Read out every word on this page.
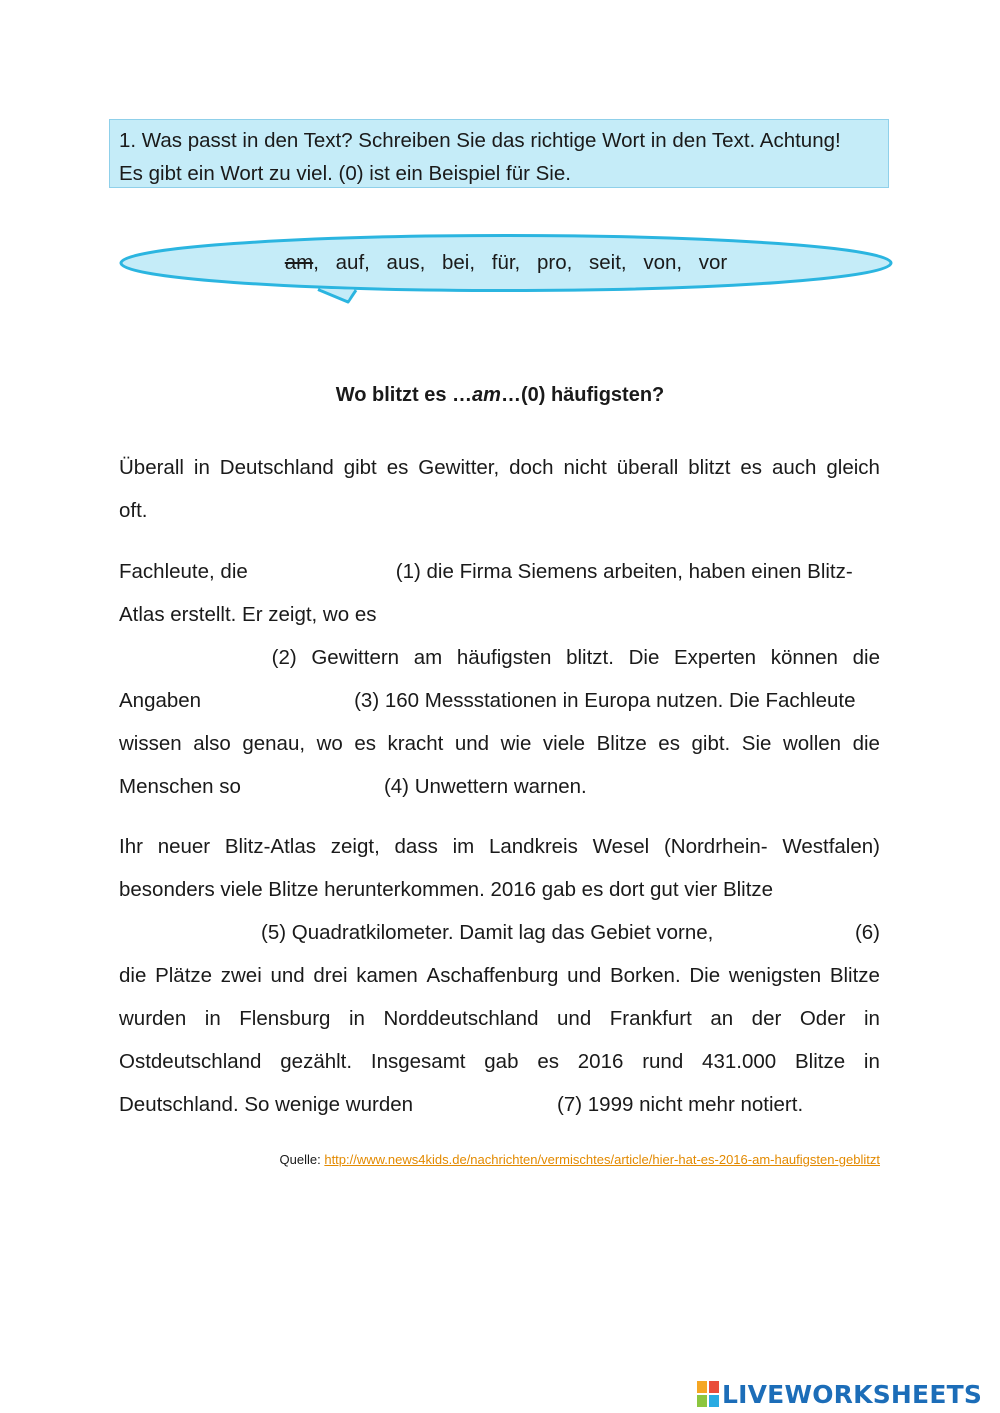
1. Was passt in den Text? Schreiben Sie das richtige Wort in den Text. Achtung!
Es gibt ein Wort zu viel. (0) ist ein Beispiel für Sie.
am, auf, aus, bei, für, pro, seit, von, vor
Wo blitzt es …am…(0) häufigsten?
Überall in Deutschland gibt es Gewitter, doch nicht überall blitzt es auch gleich
oft.
Fachleute, die	(1) die Firma Siemens arbeiten, haben einen Blitz-
Atlas erstellt. Er zeigt, wo es
(2) Gewittern am häufigsten blitzt. Die Experten können die
Angaben	(3) 160 Messstationen in Europa nutzen. Die Fachleute
wissen also genau, wo es kracht und wie viele Blitze es gibt. Sie wollen die
Menschen so	(4) Unwettern warnen.
Ihr neuer Blitz-Atlas zeigt, dass im Landkreis Wesel (Nordrhein- Westfalen)
besonders viele Blitze herunterkommen. 2016 gab es dort gut vier Blitze
(5) Quadratkilometer. Damit lag das Gebiet vorne,	(6)
die Plätze zwei und drei kamen Aschaffenburg und Borken. Die wenigsten Blitze
wurden in Flensburg in Norddeutschland und Frankfurt an der Oder in
Ostdeutschland gezählt. Insgesamt gab es 2016 rund 431.000 Blitze in
Deutschland. So wenige wurden	(7) 1999 nicht mehr notiert.
Quelle: http://www.news4kids.de/nachrichten/vermischtes/article/hier-hat-es-2016-am-haufigsten-geblitzt
LIVEWORKSHEETS
